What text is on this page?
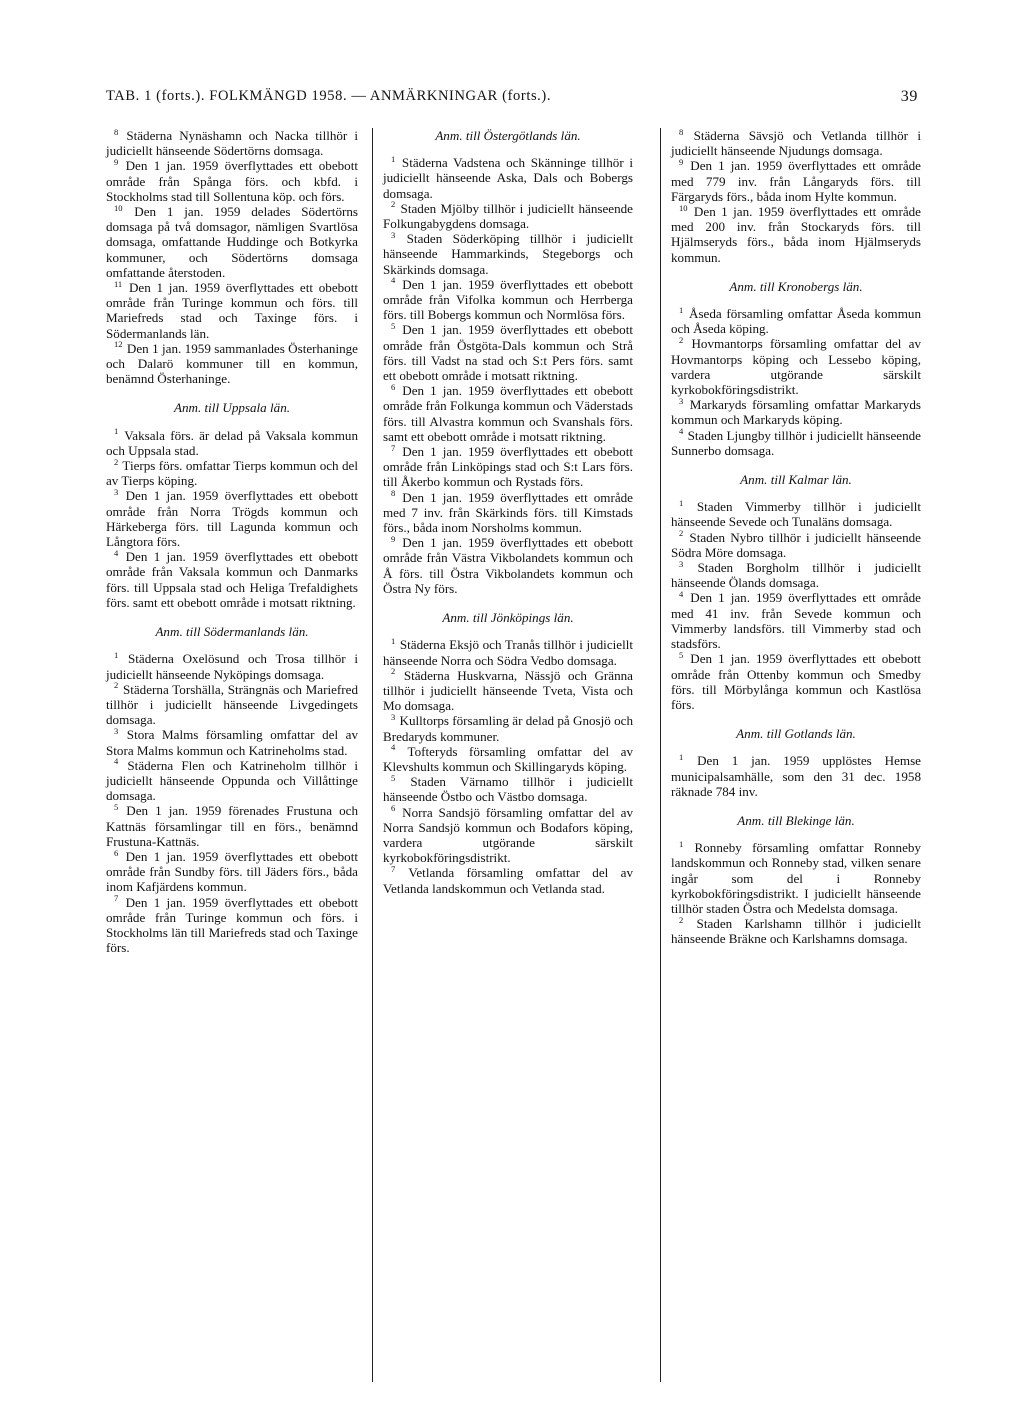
TAB. 1 (forts.). FOLKMÄNGD 1958. — ANMÄRKNINGAR (forts.).	39

$^8$ Städerna Nynäshamn och Nacka tillhör i judiciellt hänseende Södertörns domsaga.

$^9$ Den 1 jan. 1959 överflyttades ett obebott område från Spånga förs. och kbfd. i Stockholms stad till Sollentuna köp. och förs.

$^{10}$ Den 1 jan. 1959 delades Södertörns domsaga på två domsagor, nämligen Svartlösa domsaga, omfattande Huddinge och Botkyrka kommuner, och Södertörns domsaga omfattande återstoden.

$^{11}$ Den 1 jan. 1959 överflyttades ett obebott område från Turinge kommun och förs. till Mariefreds stad och Taxinge förs. i Södermanlands län.

$^{12}$ Den 1 jan. 1959 sammanlades Österhaninge och Dalarö kommuner till en kommun, benämnd Österhaninge.

Anm. till Uppsala län.

$^1$ Vaksala förs. är delad på Vaksala kommun och Uppsala stad.

$^2$ Tierps förs. omfattar Tierps kommun och del av Tierps köping.

$^3$ Den 1 jan. 1959 överflyttades ett obebott område från Norra Trögds kommun och Härkeberga förs. till Lagunda kommun och Långtora förs.

$^4$ Den 1 jan. 1959 överflyttades ett obebott område från Vaksala kommun och Danmarks förs. till Uppsala stad och Heliga Trefaldighets förs. samt ett obebott område i motsatt riktning.

Anm. till Södermanlands län.

$^1$ Städerna Oxelösund och Trosa tillhör i judiciellt hänseende Nyköpings domsaga.

$^2$ Städerna Torshälla, Strängnäs och Mariefred tillhör i judiciellt hänseende Livgedingets domsaga.

$^3$ Stora Malms församling omfattar del av Stora Malms kommun och Katrineholms stad.

$^4$ Städerna Flen och Katrineholm tillhör i judiciellt hänseende Oppunda och Villåttinge domsaga.

$^5$ Den 1 jan. 1959 förenades Frustuna och Kattnäs församlingar till en förs., benämnd Frustuna-Kattnäs.

$^6$ Den 1 jan. 1959 överflyttades ett obebott område från Sundby förs. till Jäders förs., båda inom Kafjärdens kommun.

$^7$ Den 1 jan. 1959 överflyttades ett obebott område från Turinge kommun och förs. i Stockholms län till Mariefreds stad och Taxinge förs.

Anm. till Östergötlands län.

$^1$ Städerna Vadstena och Skänninge tillhör i judiciellt hänseende Aska, Dals och Bobergs domsaga.

$^2$ Staden Mjölby tillhör i judiciellt hänseende Folkungabygdens domsaga.

$^3$ Staden Söderköping tillhör i judiciellt hänseende Hammarkinds, Stegeborgs och Skärkinds domsaga.

$^4$ Den 1 jan. 1959 överflyttades ett obebott område från Vifolka kommun och Herrberga förs. till Bobergs kommun och Normlösa förs.

$^5$ Den 1 jan. 1959 överflyttades ett obebott område från Östgöta-Dals kommun och Strå förs. till Vadst na stad och S:t Pers förs. samt ett obebott område i motsatt riktning.

$^6$ Den 1 jan. 1959 överflyttades ett obebott område från Folkunga kommun och Väderstads förs. till Alvastra kommun och Svanshals förs. samt ett obebott område i motsatt riktning.

$^7$ Den 1 jan. 1959 överflyttades ett obebott område från Linköpings stad och S:t Lars förs. till Åkerbo kommun och Rystads förs.

$^8$ Den 1 jan. 1959 överflyttades ett område med 7 inv. från Skärkinds förs. till Kimstads förs., båda inom Norsholms kommun.

$^9$ Den 1 jan. 1959 överflyttades ett obebott område från Västra Vikbolandets kommun och Å förs. till Östra Vikbolandets kommun och Östra Ny förs.

Anm. till Jönköpings län.

$^1$ Städerna Eksjö och Tranås tillhör i judiciellt hänseende Norra och Södra Vedbo domsaga.

$^2$ Städerna Huskvarna, Nässjö och Gränna tillhör i judiciellt hänseende Tveta, Vista och Mo domsaga.

$^3$ Kulltorps församling är delad på Gnosjö och Bredaryds kommuner.

$^4$ Tofteryds församling omfattar del av Klevshults kommun och Skillingaryds köping.

$^5$ Staden Värnamo tillhör i judiciellt hänseende Östbo och Västbo domsaga.

$^6$ Norra Sandsjö församling omfattar del av Norra Sandsjö kommun och Bodafors köping, vardera utgörande särskilt kyrkobokföringsdistrikt.

$^7$ Vetlanda församling omfattar del av Vetlanda landskommun och Vetlanda stad.

$^8$ Städerna Sävsjö och Vetlanda tillhör i judiciellt hänseende Njudungs domsaga.

$^9$ Den 1 jan. 1959 överflyttades ett område med 779 inv. från Långaryds förs. till Färgaryds förs., båda inom Hylte kommun.

$^{10}$ Den 1 jan. 1959 överflyttades ett område med 200 inv. från Stockaryds förs. till Hjälmseryds förs., båda inom Hjälmseryds kommun.

Anm. till Kronobergs län.

$^1$ Åseda församling omfattar Åseda kommun och Åseda köping.

$^2$ Hovmantorps församling omfattar del av Hovmantorps köping och Lessebo köping, vardera utgörande särskilt kyrkobokföringsdistrikt.

$^3$ Markaryds församling omfattar Markaryds kommun och Markaryds köping.

$^4$ Staden Ljungby tillhör i judiciellt hänseende Sunnerbo domsaga.

Anm. till Kalmar län.

$^1$ Staden Vimmerby tillhör i judiciellt hänseende Sevede och Tunaläns domsaga.

$^2$ Staden Nybro tillhör i judiciellt hänseende Södra Möre domsaga.

$^3$ Staden Borgholm tillhör i judiciellt hänseende Ölands domsaga.

$^4$ Den 1 jan. 1959 överflyttades ett område med 41 inv. från Sevede kommun och Vimmerby landsförs. till Vimmerby stad och stadsförs.

$^5$ Den 1 jan. 1959 överflyttades ett obebott område från Ottenby kommun och Smedby förs. till Mörbylånga kommun och Kastlösa förs.

Anm. till Gotlands län.

$^1$ Den 1 jan. 1959 upplöstes Hemse municipalsamhälle, som den 31 dec. 1958 räknade 784 inv.

Anm. till Blekinge län.

$^1$ Ronneby församling omfattar Ronneby landskommun och Ronneby stad, vilken senare ingår som del i Ronneby kyrkobokföringsdistrikt. I judiciellt hänseende tillhör staden Östra och Medelsta domsaga.

$^2$ Staden Karlshamn tillhör i judiciellt hänseende Bräkne och Karlshamns domsaga.
